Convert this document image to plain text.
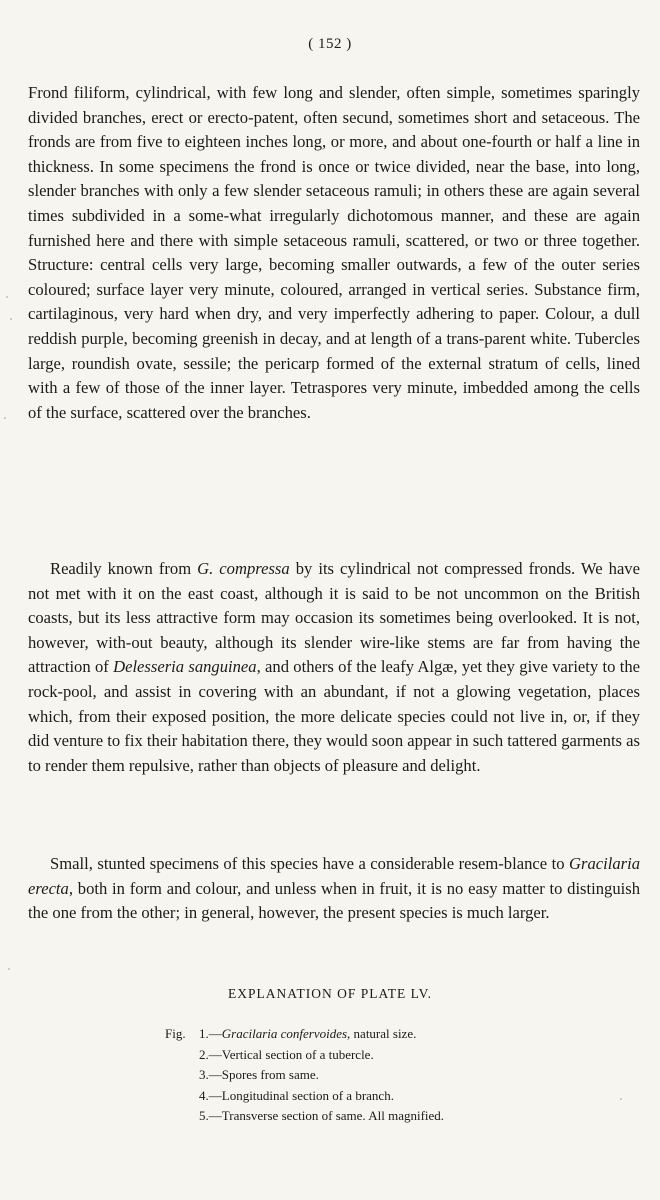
( 152 )

Frond filiform, cylindrical, with few long and slender, often simple, sometimes sparingly divided branches, erect or erecto-patent, often secund, sometimes short and setaceous. The fronds are from five to eighteen inches long, or more, and about one-fourth or half a line in thickness. In some specimens the frond is once or twice divided, near the base, into long, slender branches with only a few slender setaceous ramuli; in others these are again several times subdivided in a some-what irregularly dichotomous manner, and these are again furnished here and there with simple setaceous ramuli, scattered, or two or three together. Structure: central cells very large, becoming smaller outwards, a few of the outer series coloured; surface layer very minute, coloured, arranged in vertical series. Substance firm, cartilaginous, very hard when dry, and very imperfectly adhering to paper. Colour, a dull reddish purple, becoming greenish in decay, and at length of a trans-parent white. Tubercles large, roundish ovate, sessile; the pericarp formed of the external stratum of cells, lined with a few of those of the inner layer. Tetraspores very minute, imbedded among the cells of the surface, scattered over the branches.

Readily known from G. compressa by its cylindrical not compressed fronds. We have not met with it on the east coast, although it is said to be not uncommon on the British coasts, but its less attractive form may occasion its sometimes being overlooked. It is not, however, with-out beauty, although its slender wire-like stems are far from having the attraction of Delesseria sanguinea, and others of the leafy Algæ, yet they give variety to the rock-pool, and assist in covering with an abundant, if not a glowing vegetation, places which, from their exposed position, the more delicate species could not live in, or, if they did venture to fix their habitation there, they would soon appear in such tattered garments as to render them repulsive, rather than objects of pleasure and delight.

Small, stunted specimens of this species have a considerable resem-blance to Gracilaria erecta, both in form and colour, and unless when in fruit, it is no easy matter to distinguish the one from the other; in general, however, the present species is much larger.

EXPLANATION OF PLATE LV.
Fig. 1.—Gracilaria confervoides, natural size.
2.—Vertical section of a tubercle.
3.—Spores from same.
4.—Longitudinal section of a branch.
5.—Transverse section of same. All magnified.
